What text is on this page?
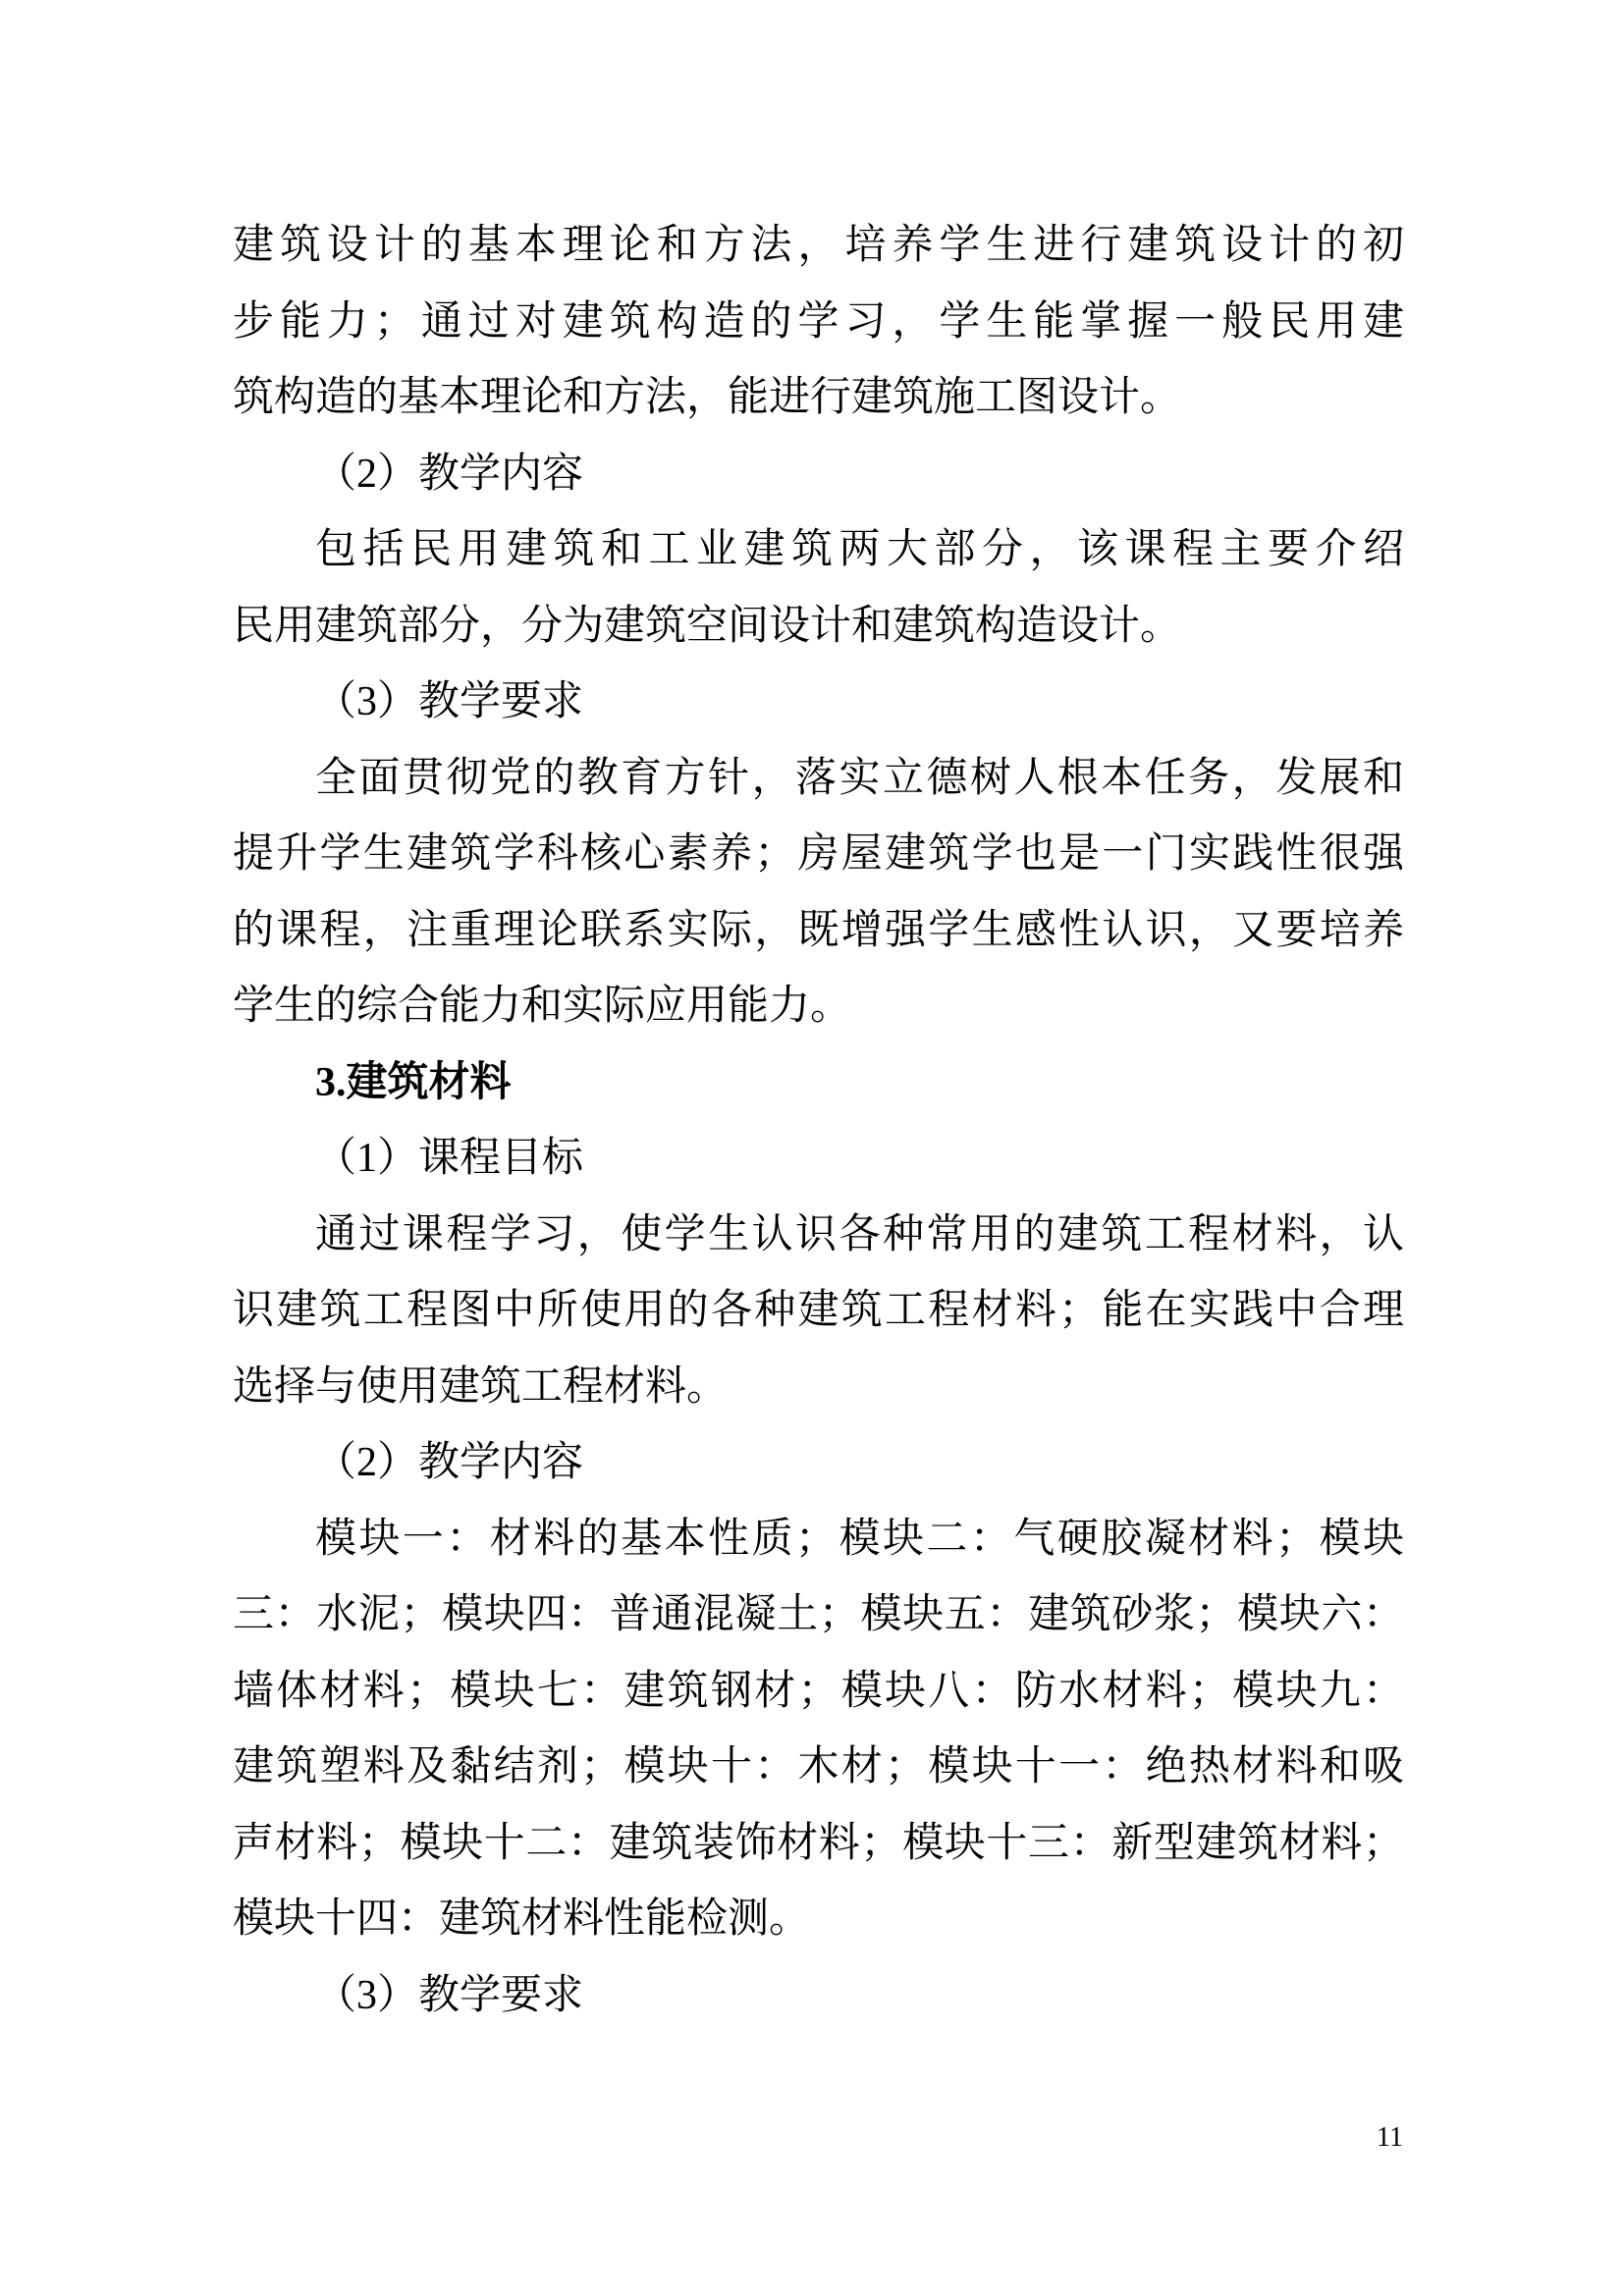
建筑设计的基本理论和方法，培养学生进行建筑设计的初
步能力；通过对建筑构造的学习，学生能掌握一般民用建
筑构造的基本理论和方法，能进行建筑施工图设计。
（2）教学内容
包括民用建筑和工业建筑两大部分，该课程主要介绍
民用建筑部分，分为建筑空间设计和建筑构造设计。
（3）教学要求
全面贯彻党的教育方针，落实立德树人根本任务，发展和
提升学生建筑学科核心素养；房屋建筑学也是一门实践性很强
的课程，注重理论联系实际，既增强学生感性认识，又要培养
学生的综合能力和实际应用能力。
3.建筑材料
（1）课程目标
通过课程学习，使学生认识各种常用的建筑工程材料，认
识建筑工程图中所使用的各种建筑工程材料；能在实践中合理
选择与使用建筑工程材料。
（2）教学内容
模块一：材料的基本性质；模块二：气硬胶凝材料；模块
三：水泥；模块四：普通混凝土；模块五：建筑砂浆；模块六：
墙体材料；模块七：建筑钢材；模块八：防水材料；模块九：
建筑塑料及黏结剂；模块十：木材；模块十一：绝热材料和吸
声材料；模块十二：建筑装饰材料；模块十三：新型建筑材料；
模块十四：建筑材料性能检测。
（3）教学要求
11
